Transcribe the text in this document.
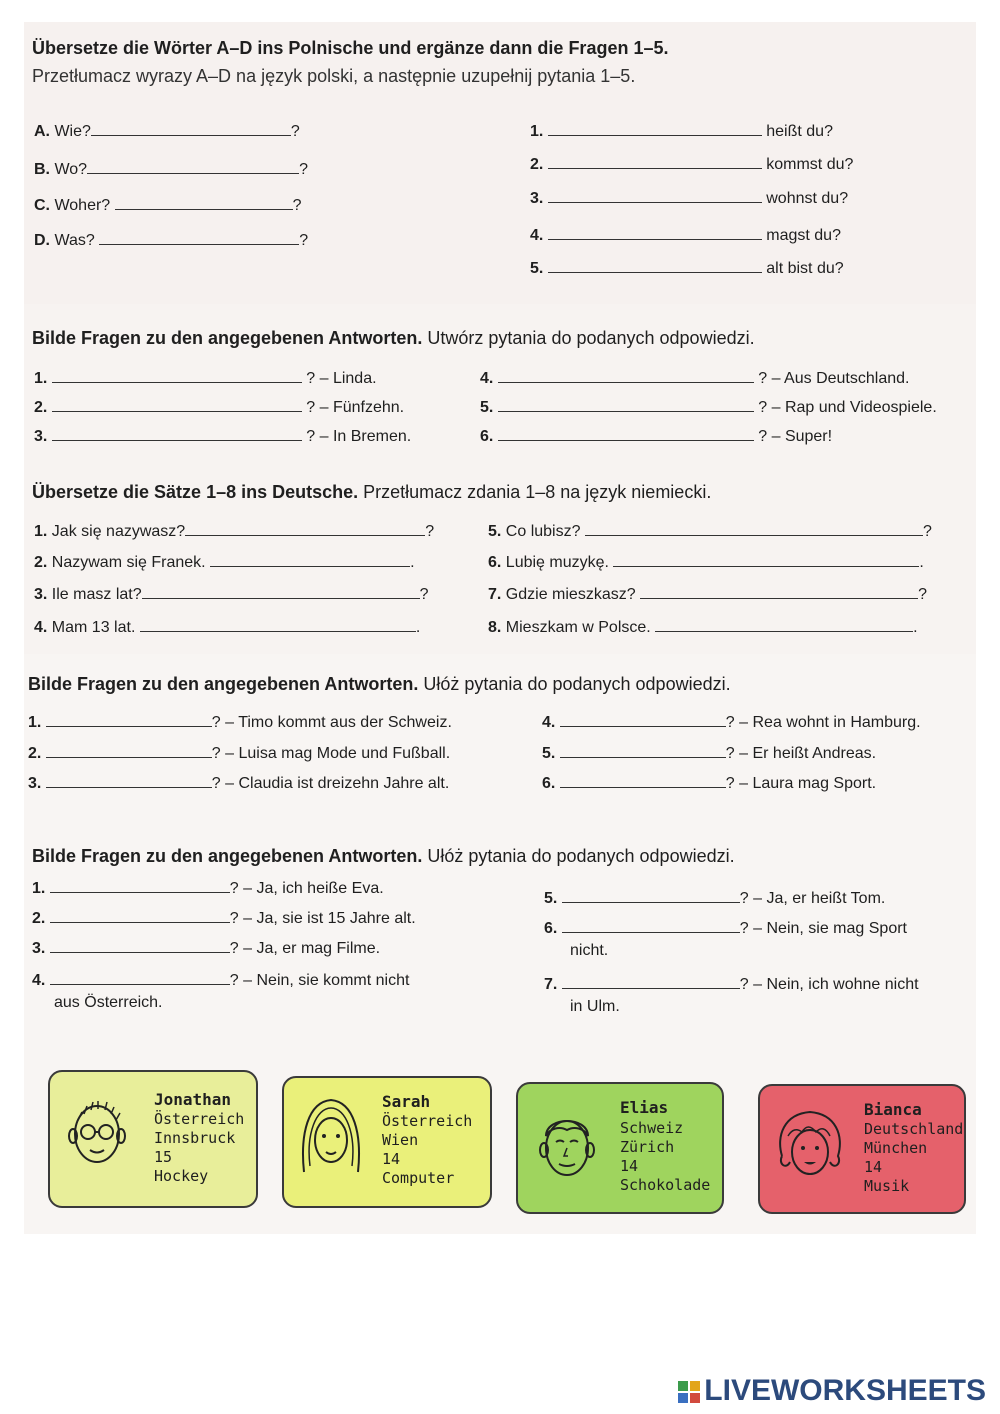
Übersetze die Wörter A–D ins Polnische und ergänze dann die Fragen 1–5.
Przetłumacz wyrazy A–D na język polski, a następnie uzupełnij pytania 1–5.
A. Wie?	?
B. Wo?	?
C. Woher?	?
D. Was?	?
1.	heißt du?
2.	kommst du?
3.	wohnst du?
4.	magst du?
5.	alt bist du?
Bilde Fragen zu den angegebenen Antworten. Utwórz pytania do podanych odpowiedzi.
1.	? – Linda.
2.	? – Fünfzehn.
3.	? – In Bremen.
4.	? – Aus Deutschland.
5.	? – Rap und Videospiele.
6.	? – Super!
Übersetze die Sätze 1–8 ins Deutsche. Przetłumacz zdania 1–8 na język niemiecki.
1. Jak się nazywasz?	?
2. Nazywam się Franek.	.
3. Ile masz lat?	?
4. Mam 13 lat.	.
5. Co lubisz?	?
6. Lubię muzykę.	.
7. Gdzie mieszkasz?	?
8. Mieszkam w Polsce.	.
Bilde Fragen zu den angegebenen Antworten. Ułóż pytania do podanych odpowiedzi.
1.	? – Timo kommt aus der Schweiz.
2.	? – Luisa mag Mode und Fußball.
3.	? – Claudia ist dreizehn Jahre alt.
4.	? – Rea wohnt in Hamburg.
5.	? – Er heißt Andreas.
6.	? – Laura mag Sport.
Bilde Fragen zu den angegebenen Antworten. Ułóż pytania do podanych odpowiedzi.
1.	? – Ja, ich heiße Eva.
2.	? – Ja, sie ist 15 Jahre alt.
3.	? – Ja, er mag Filme.
4.	? – Nein, sie kommt nicht
aus Österreich.
5.	? – Ja, er heißt Tom.
6.	? – Nein, sie mag Sport
nicht.
7.	? – Nein, ich wohne nicht
in Ulm.
Jonathan
Österreich
Innsbruck
15
Hockey
Sarah
Österreich
Wien
14
Computer
Elias
Schweiz
Zürich
14
Schokolade
Bianca
Deutschland
München
14
Musik
LIVEWORKSHEETS
